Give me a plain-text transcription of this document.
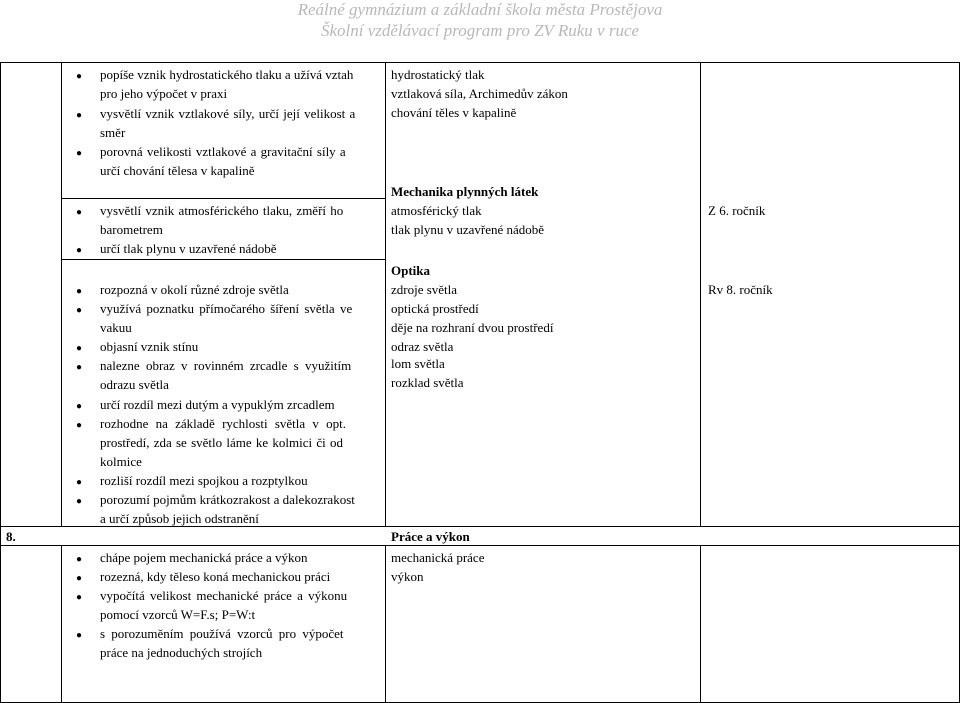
Reálné gymnázium a základní škola města Prostějova
Školní vzdělávací program pro ZV Ruku v ruce
● popíše vznik hydrostatického tlaku a užívá vztah
pro jeho výpočet v praxi
● vysvětlí vznik vztlakové síly, určí její velikost a
směr
● porovná velikosti vztlakové a gravitační síly a
určí chování tělesa v kapalině
hydrostatický tlak
vztlaková síla, Archimedův zákon
chování těles v kapalině
Mechanika plynných látek
● vysvětlí vznik atmosférického tlaku, změří ho
barometrem
● určí tlak plynu v uzavřené nádobě
atmosférický tlak
tlak plynu v uzavřené nádobě
Z 6. ročník
Optika
● rozpozná v okolí různé zdroje světla
● využívá poznatku přímočarého šíření světla ve
vakuu
● objasní vznik stínu
● nalezne obraz v rovinném zrcadle s využitím
odrazu světla
● určí rozdíl mezi dutým a vypuklým zrcadlem
● rozhodne na základě rychlosti světla v opt.
prostředí, zda se světlo láme ke kolmici či od
kolmice
● rozliší rozdíl mezi spojkou a rozptylkou
● porozumí pojmům krátkozrakost a dalekozrakost
a určí způsob jejich odstranění
zdroje světla
optická prostředí
děje na rozhraní dvou prostředí
odraz světla
lom světla
rozklad světla
Rv 8. ročník
8.	Práce a výkon
● chápe pojem mechanická práce a výkon
● rozezná, kdy těleso koná mechanickou práci
● vypočítá velikost mechanické práce a výkonu
pomocí vzorců W=F.s; P=W:t
● s porozuměním používá vzorců pro výpočet
práce na jednoduchých strojích
mechanická práce
výkon
